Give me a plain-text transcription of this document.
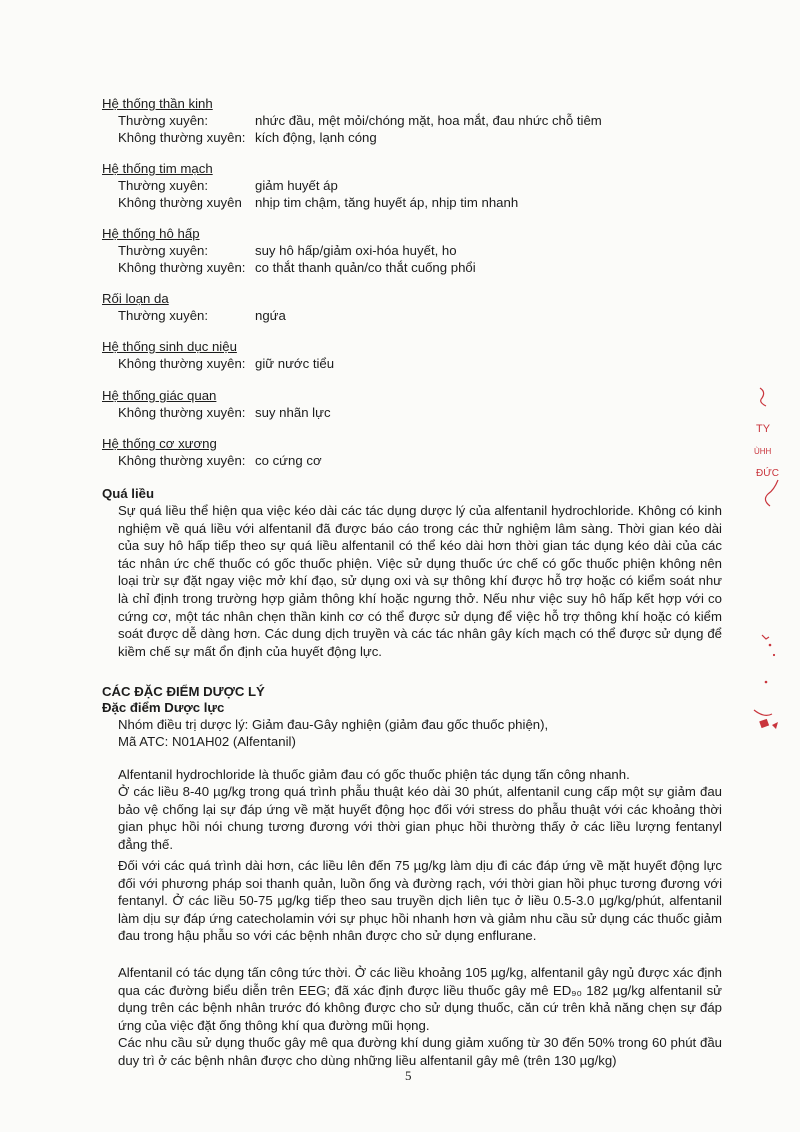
Hệ thống thần kinh
Thường xuyên:	nhức đầu, mệt mỏi/chóng mặt, hoa mắt, đau nhức chỗ tiêm
Không thường xuyên: kích động, lạnh cóng
Hệ thống tim mạch
Thường xuyên:	giảm huyết áp
Không thường xuyên nhịp tim chậm, tăng huyết áp, nhịp tim nhanh
Hệ thống hô hấp
Thường xuyên:	suy hô hấp/giảm oxi-hóa huyết, ho
Không thường xuyên: co thắt thanh quản/co thắt cuống phổi
Rối loạn da
Thường xuyên:	ngứa
Hệ thống sinh dục niệu
Không thường xuyên: giữ nước tiểu
Hệ thống giác quan
Không thường xuyên: suy nhãn lực
Hệ thống cơ xương
Không thường xuyên: co cứng cơ
Quá liều
Sự quá liều thể hiện qua việc kéo dài các tác dụng dược lý của alfentanil hydrochloride. Không có kinh nghiệm về quá liều với alfentanil đã được báo cáo trong các thử nghiệm lâm sàng. Thời gian kéo dài của suy hô hấp tiếp theo sự quá liều alfentanil có thể kéo dài hơn thời gian tác dụng kéo dài của các tác nhân ức chế thuốc có gốc thuốc phiện. Việc sử dụng thuốc ức chế có gốc thuốc phiện không nên loại trừ sự đặt ngay việc mở khí đạo, sử dụng oxi và sự thông khí được hỗ trợ hoặc có kiểm soát như là chỉ định trong trường hợp giảm thông khí hoặc ngưng thở. Nếu như việc suy hô hấp kết hợp với co cứng cơ, một tác nhân chẹn thần kinh cơ có thể được sử dụng để việc hỗ trợ thông khí hoặc có kiểm soát được dễ dàng hơn. Các dung dịch truyền và các tác nhân gây kích mạch có thể được sử dụng để kiềm chế sự mất ổn định của huyết động lực.
CÁC ĐẶC ĐIỂM DƯỢC LÝ
Đặc điểm Dược lực
Nhóm điều trị dược lý: Giảm đau-Gây nghiện (giảm đau gốc thuốc phiện),
Mã ATC: N01AH02 (Alfentanil)
Alfentanil hydrochloride là thuốc giảm đau có gốc thuốc phiện tác dụng tấn công nhanh.
Ở các liều 8-40 µg/kg trong quá trình phẫu thuật kéo dài 30 phút, alfentanil cung cấp một sự giảm đau bảo vệ chống lại sự đáp ứng về mặt huyết động học đối với stress do phẫu thuật với các khoảng thời gian phục hồi nói chung tương đương với thời gian phục hồi thường thấy ở các liều lượng fentanyl đẳng thế.
Đối với các quá trình dài hơn, các liều lên đến 75 µg/kg làm dịu đi các đáp ứng về mặt huyết động lực đối với phương pháp soi thanh quản, luồn ống và đường rạch, với thời gian hồi phục tương đương với fentanyl. Ở các liều 50-75 µg/kg tiếp theo sau truyền dịch liên tục ở liều 0.5-3.0 µg/kg/phút, alfentanil làm dịu sự đáp ứng catecholamin với sự phục hồi nhanh hơn và giảm nhu cầu sử dụng các thuốc giảm đau trong hậu phẫu so với các bệnh nhân được cho sử dụng enflurane.
Alfentanil có tác dụng tấn công tức thời. Ở các liều khoảng 105 µg/kg, alfentanil gây ngủ được xác định qua các đường biểu diễn trên EEG; đã xác định được liều thuốc gây mê ED₉₀ 182 µg/kg alfentanil sử dụng trên các bệnh nhân trước đó không được cho sử dụng thuốc, căn cứ trên khả năng chẹn sự đáp ứng của việc đặt ống thông khí qua đường mũi họng.
Các nhu cầu sử dụng thuốc gây mê qua đường khí dung giảm xuống từ 30 đến 50% trong 60 phút đầu duy trì ở các bệnh nhân được cho dùng những liều alfentanil gây mê (trên 130 µg/kg)
5
TY
ÙHH
ĐỨC
